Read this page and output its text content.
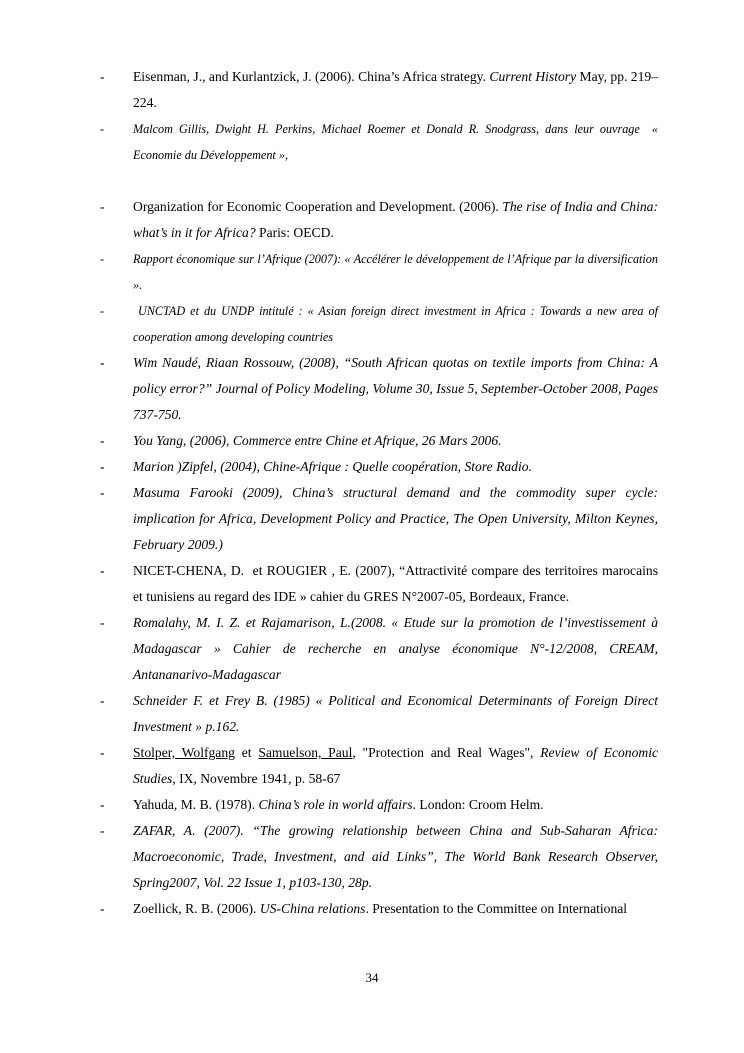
-	Eisenman, J., and Kurlantzick, J. (2006). China’s Africa strategy. Current History May, pp. 219–224.
-	Malcom Gillis, Dwight H. Perkins, Michael Roemer et Donald R. Snodgrass, dans leur ouvrage  « Economie du Développement »,
-	Organization for Economic Cooperation and Development. (2006). The rise of India and China: what’s in it for Africa? Paris: OECD.
-	Rapport économique sur l’Afrique (2007): « Accélérer le développement de l’Afrique par la diversification ».
-	UNCTAD et du UNDP intitulé : « Asian foreign direct investment in Africa : Towards a new area of cooperation among developing countries
-	Wim Naudé, Riaan Rossouw, (2008), “South African quotas on textile imports from China: A policy error?” Journal of Policy Modeling, Volume 30, Issue 5, September-October 2008, Pages 737-750.
-	You Yang, (2006), Commerce entre Chine et Afrique, 26 Mars 2006.
-	Marion )Zipfel, (2004), Chine-Afrique : Quelle coopération, Store Radio.
-	Masuma Farooki (2009), China’s structural demand and the commodity super cycle: implication for Africa, Development Policy and Practice, The Open University, Milton Keynes, February 2009.)
-	NICET-CHENA, D.  et ROUGIER , E. (2007), “Attractivité compare des territoires marocains et tunisiens au regard des IDE » cahier du GRES N°2007-05, Bordeaux, France.
-	Romalahy, M. I. Z. et Rajamarison, L.(2008. « Etude sur la promotion de l’investissement à Madagascar » Cahier de recherche en analyse économique N°-12/2008, CREAM, Antananarivo-Madagascar
-	Schneider F. et Frey B. (1985) « Political and Economical Determinants of Foreign Direct Investment » p.162.
-	Stolper, Wolfgang et Samuelson, Paul, "Protection and Real Wages", Review of Economic Studies, IX, Novembre 1941, p. 58-67
-	Yahuda, M. B. (1978). China’s role in world affairs. London: Croom Helm.
-	ZAFAR, A. (2007). “The growing relationship between China and Sub-Saharan Africa: Macroeconomic, Trade, Investment, and aid Links”, The World Bank Research Observer, Spring2007, Vol. 22 Issue 1, p103-130, 28p.
-	Zoellick, R. B. (2006). US-China relations. Presentation to the Committee on International
34
